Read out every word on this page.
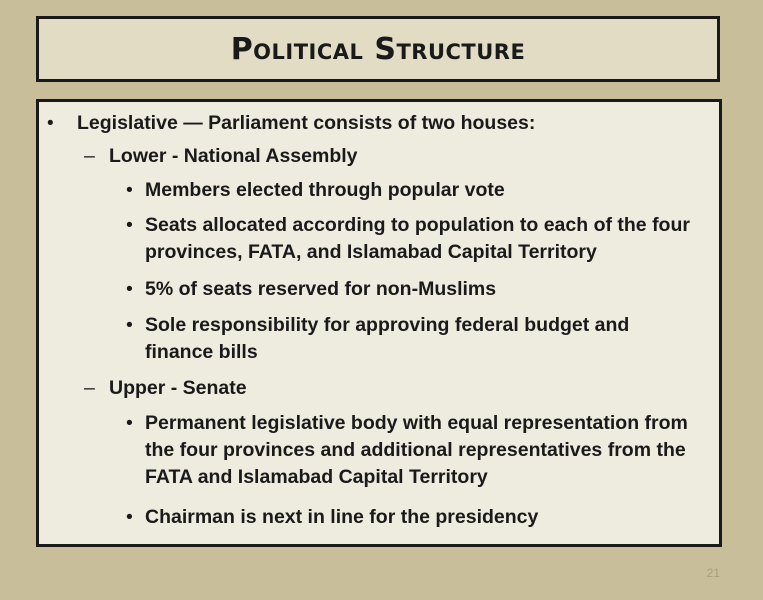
Political Structure
• Legislative — Parliament consists of two houses:
– Lower - National Assembly
• Members elected through popular vote
• Seats allocated according to population to each of the four provinces, FATA, and Islamabad Capital Territory
• 5% of seats reserved for non-Muslims
• Sole responsibility for approving federal budget and finance bills
– Upper - Senate
• Permanent legislative body with equal representation from the four provinces and additional representatives from the FATA and Islamabad Capital Territory
• Chairman is next in line for the presidency
21
